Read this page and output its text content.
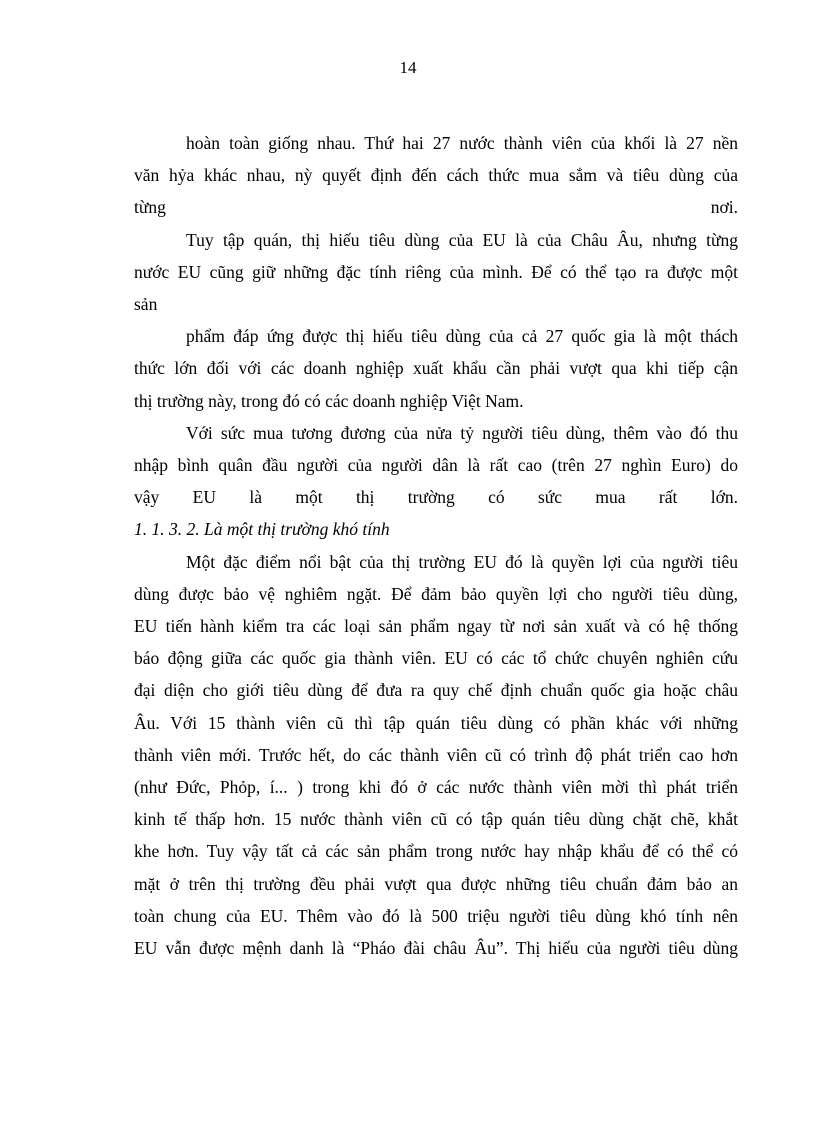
14
hoàn toàn giống nhau. Thứ hai 27 nước thành viên của khối là 27 nền
văn hỷa khác nhau, nỳ quyết định đến cách thức mua sắm và tiêu dùng của
từng nơi.
Tuy tập quán, thị hiếu tiêu dùng của EU là của Châu Âu, nhưng từng
nước EU cũng giữ những đặc tính riêng của mình. Để có thể tạo ra được một
sản
phẩm đáp ứng được thị hiếu tiêu dùng của cả 27 quốc gia là một thách
thức lớn đối với các doanh nghiệp xuất khẩu cần phải vượt qua khi tiếp cận
thị trường này, trong đó có các doanh nghiệp Việt Nam.
Với sức mua tương đương của nửa tỷ người tiêu dùng, thêm vào đó thu
nhập bình quân đầu người của người dân là rất cao (trên 27 nghìn Euro) do
vậy EU là một thị trường có sức mua rất lớn.
1. 1. 3. 2. Là một thị trường khó tính
Một đặc điểm nổi bật của thị trường EU đó là quyền lợi của người tiêu
dùng được bảo vệ nghiêm ngặt. Để đảm bảo quyền lợi cho người tiêu dùng,
EU tiến hành kiểm tra các loại sản phẩm ngay từ nơi sản xuất và có hệ thống
báo động giữa các quốc gia thành viên. EU có các tổ chức chuyên nghiên cứu
đại diện cho giới tiêu dùng để đưa ra quy chế định chuẩn quốc gia hoặc châu
Âu. Với 15 thành viên cũ thì tập quán tiêu dùng có phần khác với những
thành viên mới. Trước hết, do các thành viên cũ có trình độ phát triển cao hơn
(như Đức, Phỏp, í... ) trong khi đó ở các nước thành viên mời thì phát triển
kinh tế thấp hơn. 15 nước thành viên cũ có tập quán tiêu dùng chặt chẽ, khắt
khe hơn. Tuy vậy tất cả các sản phẩm trong nước hay nhập khẩu để có thể có
mặt ở trên thị trường đều phải vượt qua được những tiêu chuẩn đảm bảo an
toàn chung của EU. Thêm vào đó là 500 triệu người tiêu dùng khó tính nên
EU vẫn được mệnh danh là “Pháo đài châu Âu”. Thị hiếu của người tiêu dùng
